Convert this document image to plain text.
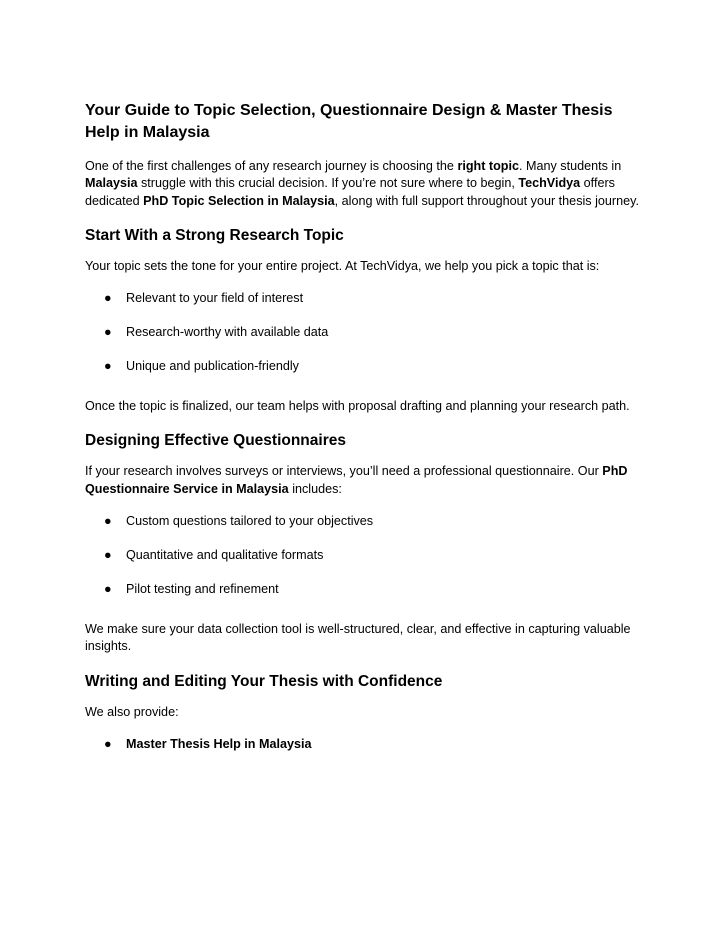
Your Guide to Topic Selection, Questionnaire Design & Master Thesis Help in Malaysia

One of the first challenges of any research journey is choosing the right topic. Many students in Malaysia struggle with this crucial decision. If you’re not sure where to begin, TechVidya offers dedicated PhD Topic Selection in Malaysia, along with full support throughout your thesis journey.

Start With a Strong Research Topic

Your topic sets the tone for your entire project. At TechVidya, we help you pick a topic that is:

● Relevant to your field of interest
● Research-worthy with available data
● Unique and publication-friendly

Once the topic is finalized, our team helps with proposal drafting and planning your research path.

Designing Effective Questionnaires

If your research involves surveys or interviews, you’ll need a professional questionnaire. Our PhD Questionnaire Service in Malaysia includes:

● Custom questions tailored to your objectives
● Quantitative and qualitative formats
● Pilot testing and refinement

We make sure your data collection tool is well-structured, clear, and effective in capturing valuable insights.

Writing and Editing Your Thesis with Confidence

We also provide:

● Master Thesis Help in Malaysia
